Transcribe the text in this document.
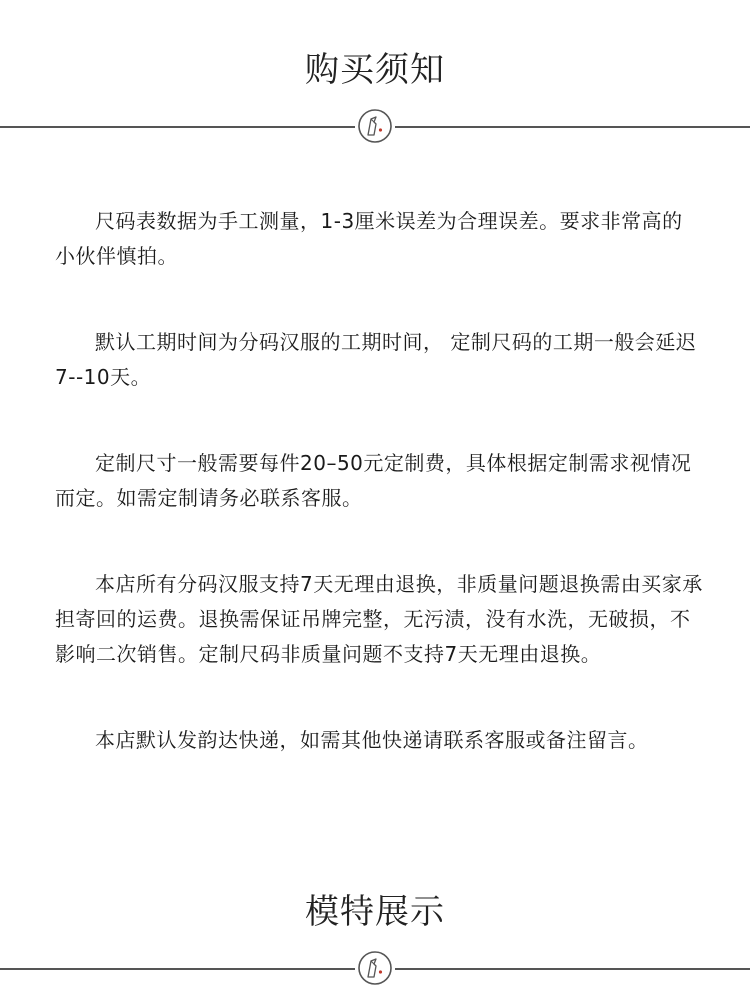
购买须知

尺码表数据为手工测量，1-3厘米误差为合理误差。要求非常高的小伙伴慎拍。

默认工期时间为分码汉服的工期时间， 定制尺码的工期一般会延迟7--10天。

定制尺寸一般需要每件20–50元定制费，具体根据定制需求视情况而定。如需定制请务必联系客服。

本店所有分码汉服支持7天无理由退换，非质量问题退换需由买家承担寄回的运费。退换需保证吊牌完整，无污渍，没有水洗，无破损，不影响二次销售。定制尺码非质量问题不支持7天无理由退换。

本店默认发韵达快递，如需其他快递请联系客服或备注留言。

模特展示
